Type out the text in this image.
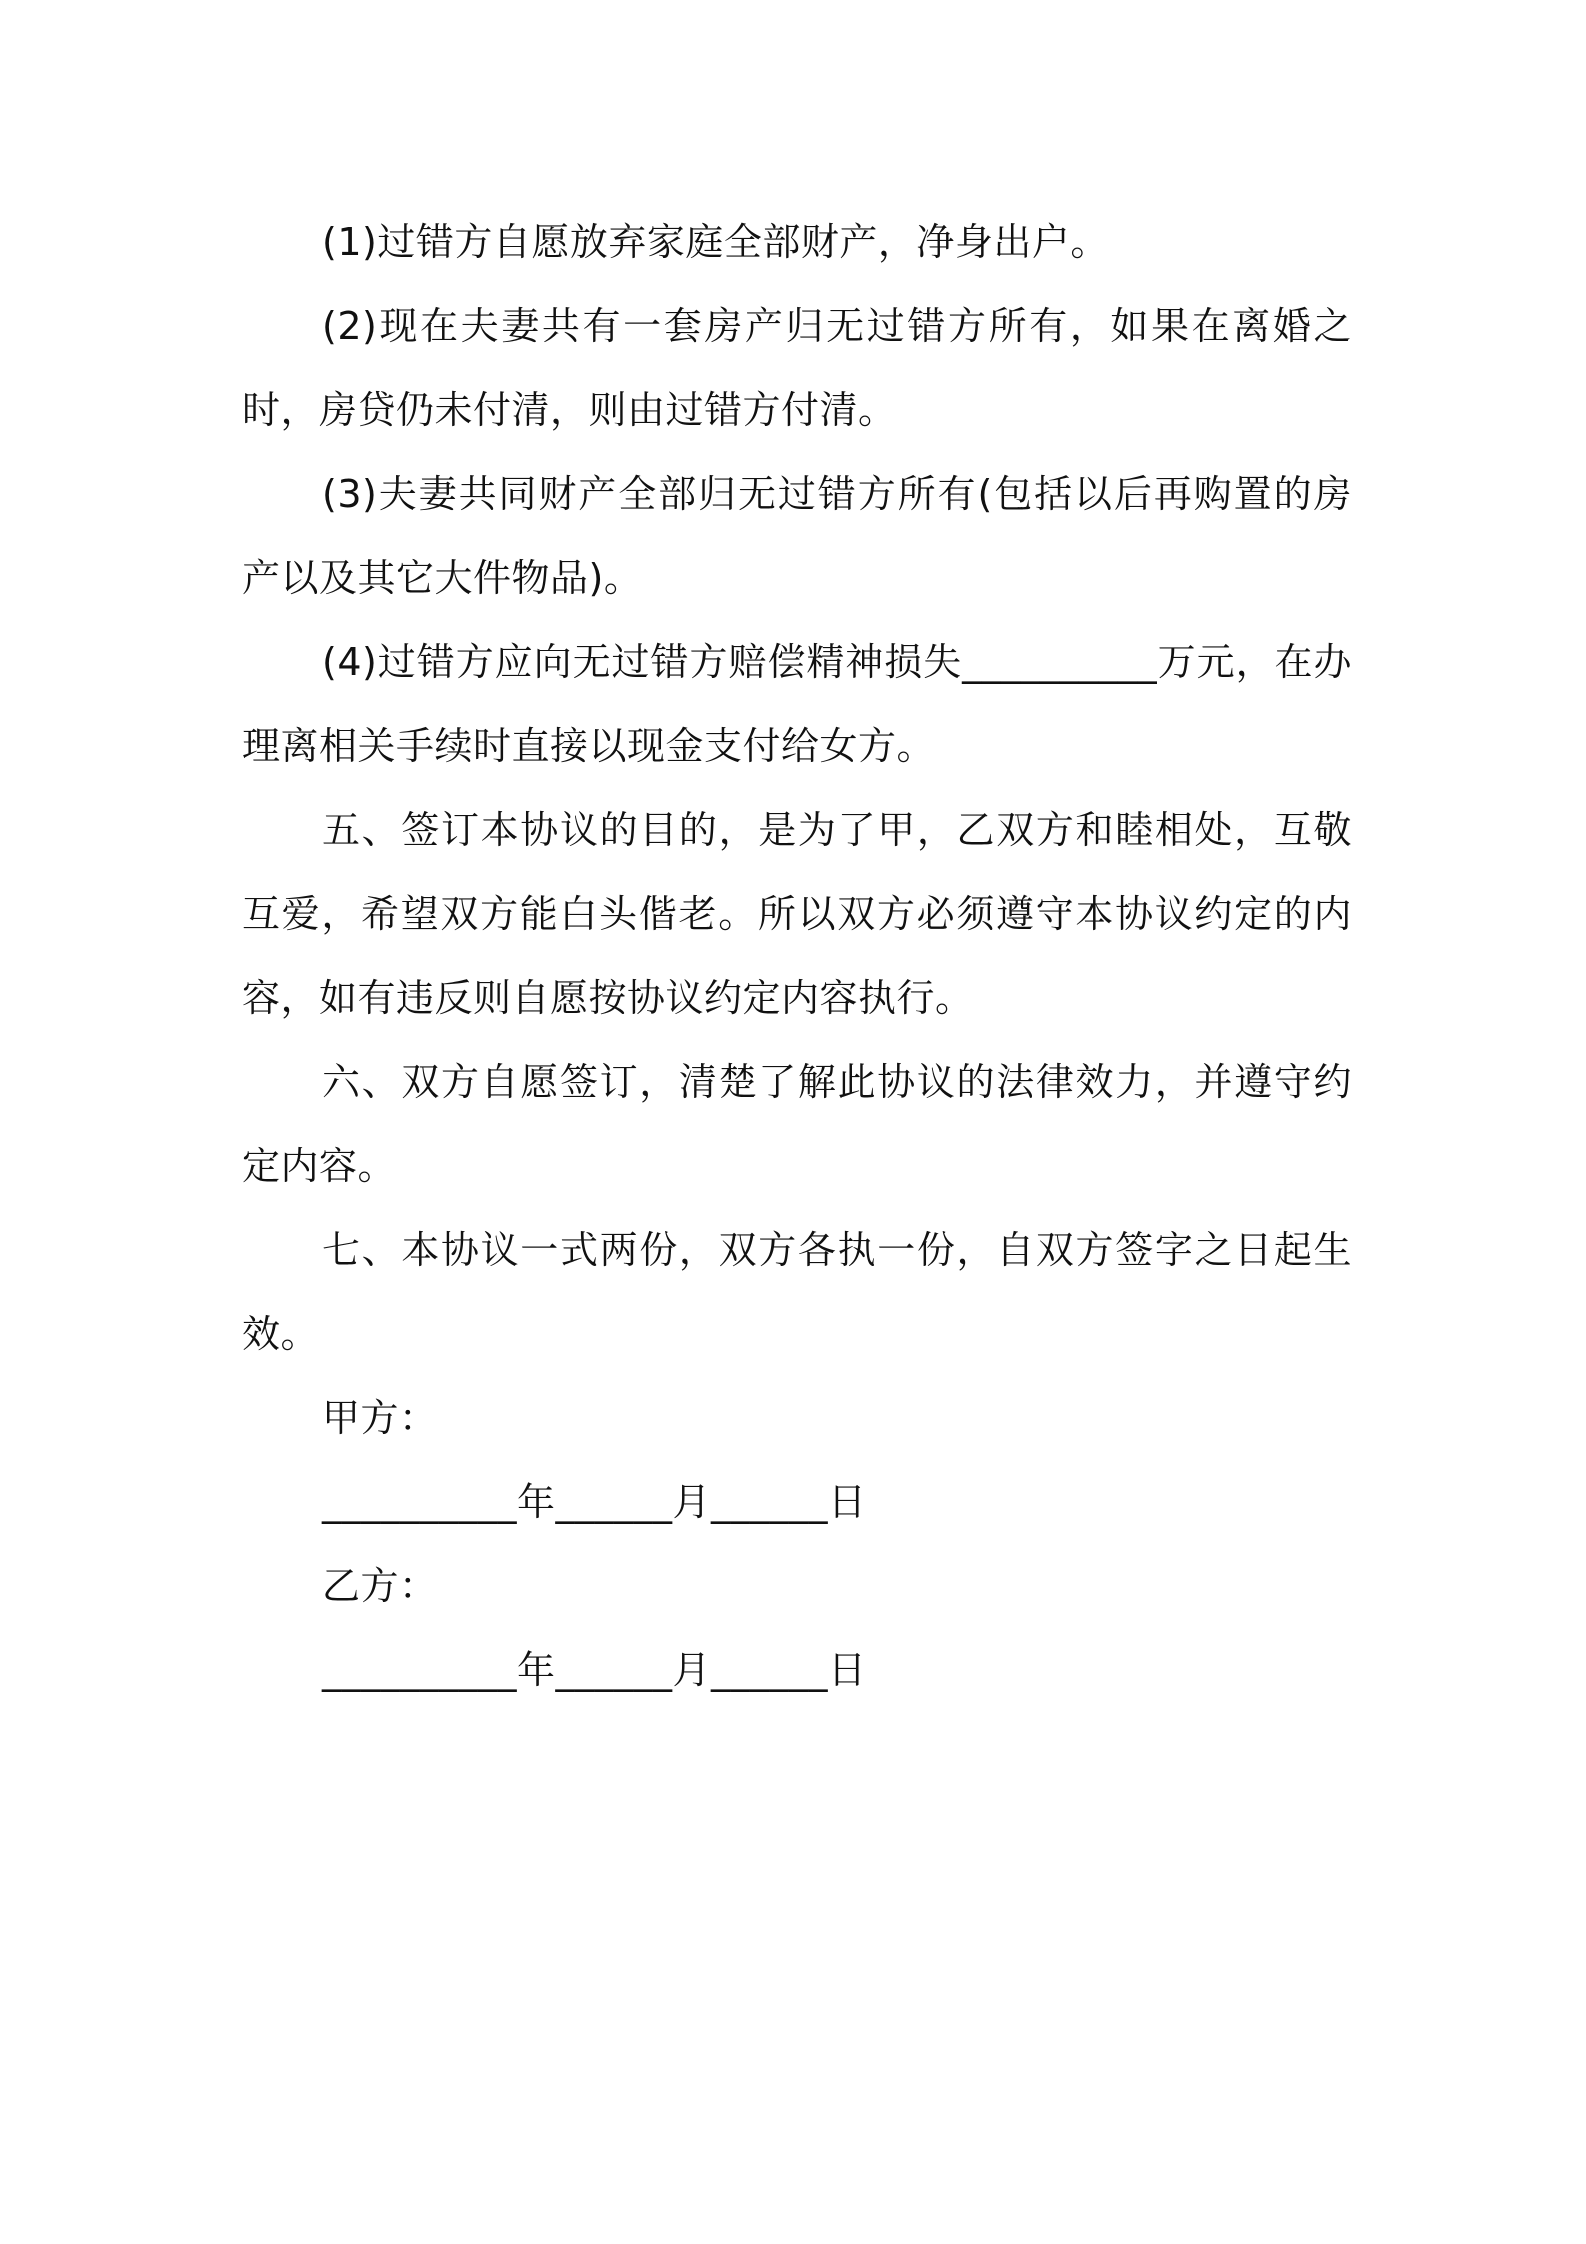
(1)过错方自愿放弃家庭全部财产，净身出户。

(2)现在夫妻共有一套房产归无过错方所有，如果在离婚之时，房贷仍未付清，则由过错方付清。

(3)夫妻共同财产全部归无过错方所有(包括以后再购置的房产以及其它大件物品)。

(4)过错方应向无过错方赔偿精神损失__________万元，在办理离相关手续时直接以现金支付给女方。

五、签订本协议的目的，是为了甲，乙双方和睦相处，互敬互爱，希望双方能白头偕老。所以双方必须遵守本协议约定的内容，如有违反则自愿按协议约定内容执行。

六、双方自愿签订，清楚了解此协议的法律效力，并遵守约定内容。

七、本协议一式两份，双方各执一份，自双方签字之日起生效。

甲方：

__________年______月______日

乙方：

__________年______月______日
